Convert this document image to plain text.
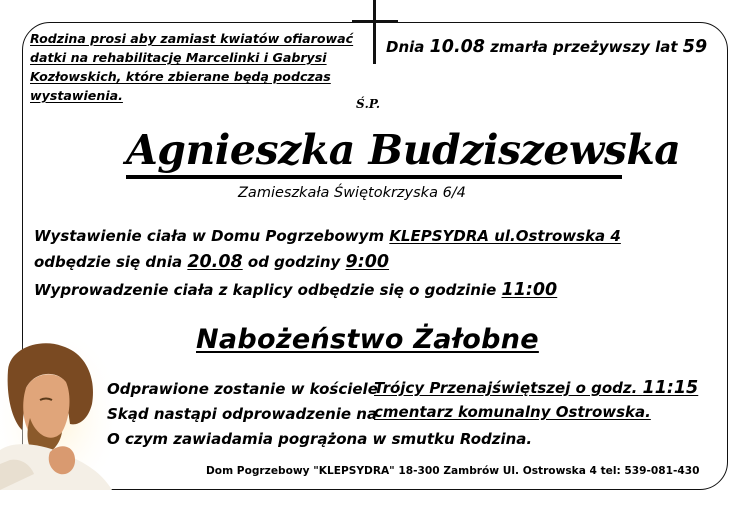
Rodzina prosi aby zamiast kwiatów ofiarować
datki na rehabilitację Marcelinki i Gabrysi
Kozłowskich, które zbierane będą podczas
wystawienia.
Dnia 10.08 zmarła przeżywszy lat 59
Ś.P.
Agnieszka Budziszewska
Zamieszkała Świętokrzyska 6/4
Wystawienie ciała w Domu Pogrzebowym KLEPSYDRA ul.Ostrowska 4
odbędzie się dnia 20.08 od godziny 9:00
Wyprowadzenie ciała z kaplicy odbędzie się o godzinie 11:00
Nabożeństwo Żałobne
Odprawione zostanie w kościele
Trójcy Przenajświętszej o godz. 11:15
Skąd nastąpi odprowadzenie na
cmentarz komunalny Ostrowska.
O czym zawiadamia pogrążona w smutku Rodzina.
Dom Pogrzebowy "KLEPSYDRA" 18-300 Zambrów Ul. Ostrowska 4 tel: 539-081-430
